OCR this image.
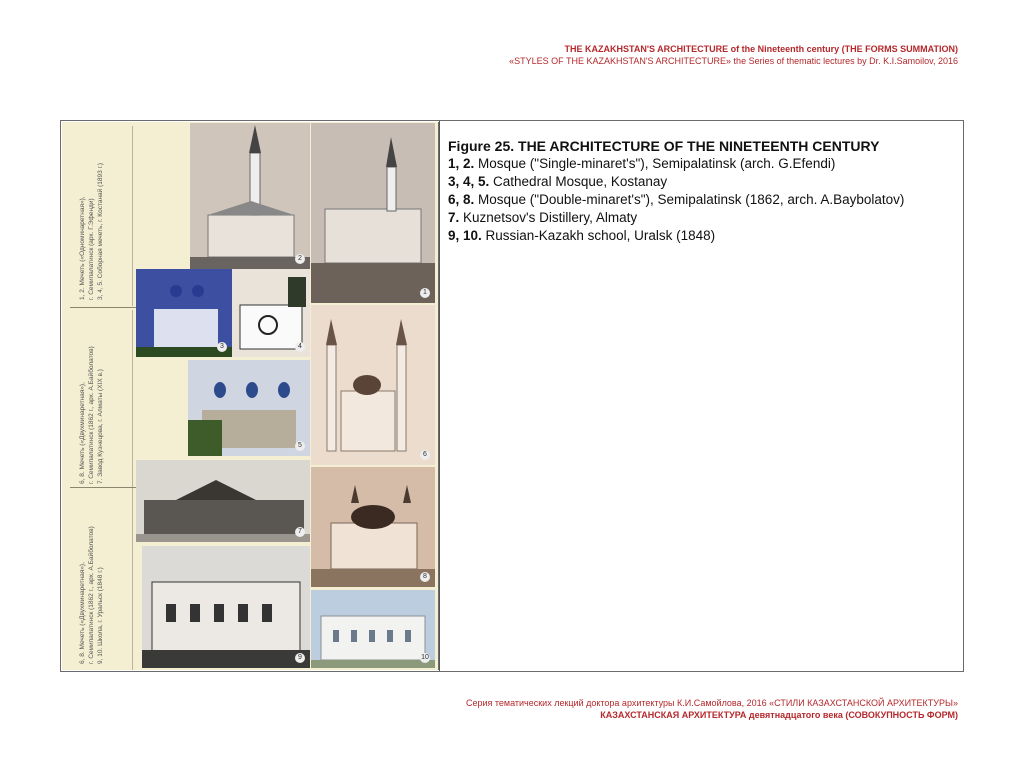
THE KAZAKHSTAN'S ARCHITECTURE of the Nineteenth century (THE FORMS SUMMATION)
«STYLES OF THE KAZAKHSTAN'S ARCHITECTURE» the Series of thematic lectures by Dr. K.I.Samoilov, 2016
1, 2. Мечеть («Одноминаретная»), г. Семипалатинск (арх. Г.Эфенди) 3, 4, 5. Соборная мечеть, г. Костанай (1893 г.)
6, 8. Мечеть («Двухминаретная»), г. Семипалатинск (1862 г., арх. А.Байболатов) 7. Завод Кузнецова, г. Алматы (XIX в.)
6, 8. Мечеть («Двухминаретная»), г. Семипалатинск (1862 г., арх. А.Байболатов) 9, 10. Школа, г. Уральск (1848 г.)
2
1
3	4
5
6
7
8
9	10
Figure 25. THE ARCHITECTURE OF THE NINETEENTH CENTURY
1, 2. Mosque ("Single-minaret's"), Semipalatinsk (arch. G.Efendi)
3, 4, 5. Cathedral Mosque, Kostanay
6, 8. Mosque ("Double-minaret's"), Semipalatinsk (1862, arch. A.Baybolatov)
7. Kuznetsov's Distillery, Almaty
9, 10. Russian-Kazakh school, Uralsk (1848)
Серия тематических лекций доктора архитектуры К.И.Самойлова, 2016 «СТИЛИ КАЗАХСТАНСКОЙ АРХИТЕКТУРЫ»
КАЗАХСТАНСКАЯ АРХИТЕКТУРА девятнадцатого века (СОВОКУПНОСТЬ ФОРМ)
